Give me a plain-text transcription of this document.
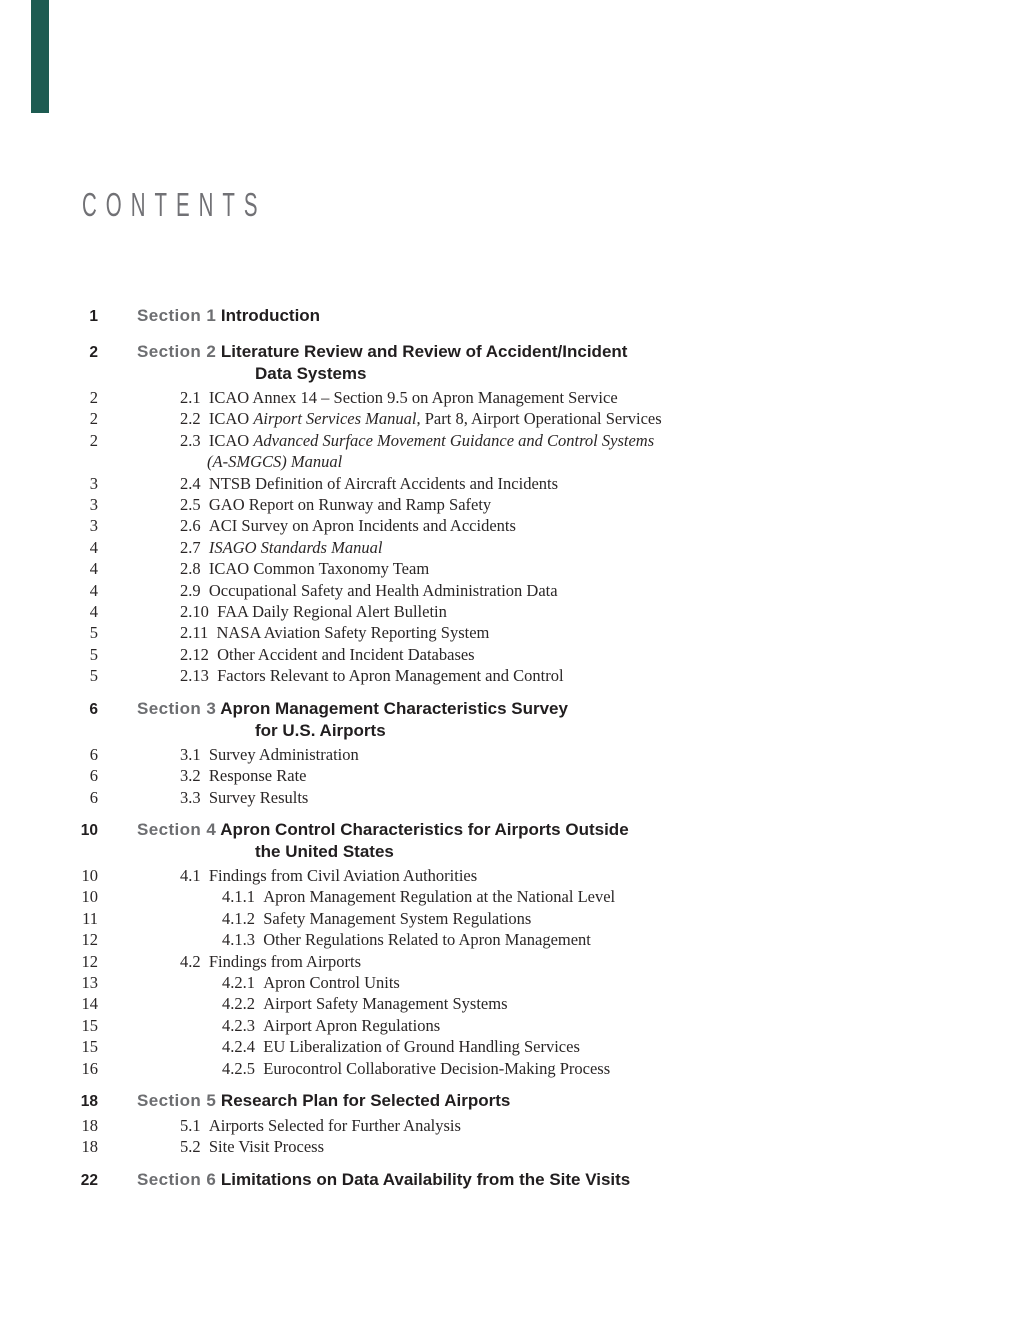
CONTENTS
1 Section 1 Introduction
2 Section 2 Literature Review and Review of Accident/Incident
Data Systems
2	2.1 ICAO Annex 14 – Section 9.5 on Apron Management Service
2	2.2 ICAO Airport Services Manual, Part 8, Airport Operational Services
2	2.3 ICAO Advanced Surface Movement Guidance and Control Systems
(A-SMGCS) Manual
3	2.4 NTSB Definition of Aircraft Accidents and Incidents
3	2.5 GAO Report on Runway and Ramp Safety
3	2.6 ACI Survey on Apron Incidents and Accidents
4	2.7 ISAGO Standards Manual
4	2.8 ICAO Common Taxonomy Team
4	2.9 Occupational Safety and Health Administration Data
4	2.10 FAA Daily Regional Alert Bulletin
5	2.11 NASA Aviation Safety Reporting System
5	2.12 Other Accident and Incident Databases
5	2.13 Factors Relevant to Apron Management and Control
6 Section 3 Apron Management Characteristics Survey
for U.S. Airports
6	3.1 Survey Administration
6	3.2 Response Rate
6	3.3 Survey Results
10 Section 4 Apron Control Characteristics for Airports Outside
the United States
10	4.1 Findings from Civil Aviation Authorities
10	4.1.1 Apron Management Regulation at the National Level
11	4.1.2 Safety Management System Regulations
12	4.1.3 Other Regulations Related to Apron Management
12	4.2 Findings from Airports
13	4.2.1 Apron Control Units
14	4.2.2 Airport Safety Management Systems
15	4.2.3 Airport Apron Regulations
15	4.2.4 EU Liberalization of Ground Handling Services
16	4.2.5 Eurocontrol Collaborative Decision-Making Process
18 Section 5 Research Plan for Selected Airports
18	5.1 Airports Selected for Further Analysis
18	5.2 Site Visit Process
22 Section 6 Limitations on Data Availability from the Site Visits
